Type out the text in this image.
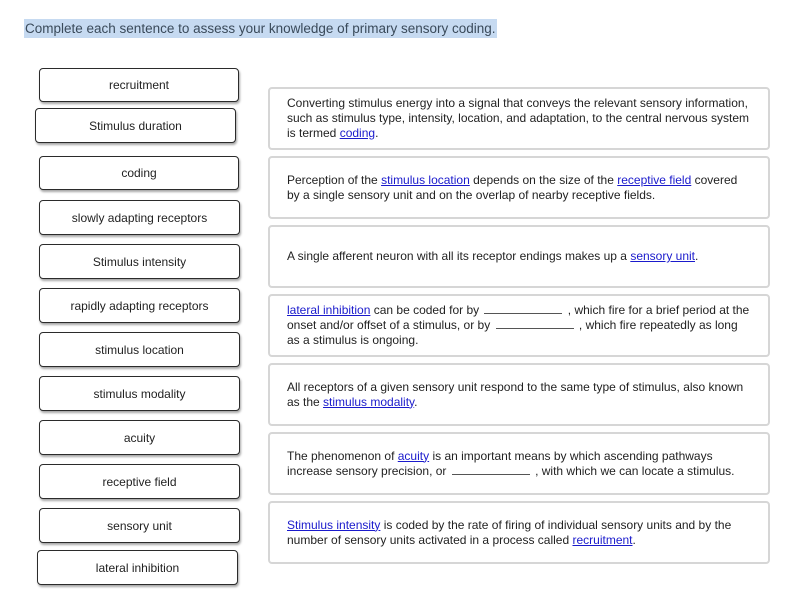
Complete each sentence to assess your knowledge of primary sensory coding.
recruitment
Stimulus duration
coding
slowly adapting receptors
Stimulus intensity
rapidly adapting receptors
stimulus location
stimulus modality
acuity
receptive field
sensory unit
lateral inhibition

Converting stimulus energy into a signal that conveys the relevant sensory information, such as stimulus type, intensity, location, and adaptation, to the central nervous system is termed coding.

Perception of the stimulus location depends on the size of the receptive field covered by a single sensory unit and on the overlap of nearby receptive fields.

A single afferent neuron with all its receptor endings makes up a sensory unit.

lateral inhibition can be coded for by	, which fire for a brief period at the onset and/or offset of a stimulus, or by	, which fire repeatedly as long as a stimulus is ongoing.

All receptors of a given sensory unit respond to the same type of stimulus, also known as the stimulus modality.

The phenomenon of acuity is an important means by which ascending pathways increase sensory precision, or	, with which we can locate a stimulus.

Stimulus intensity is coded by the rate of firing of individual sensory units and by the number of sensory units activated in a process called recruitment.
